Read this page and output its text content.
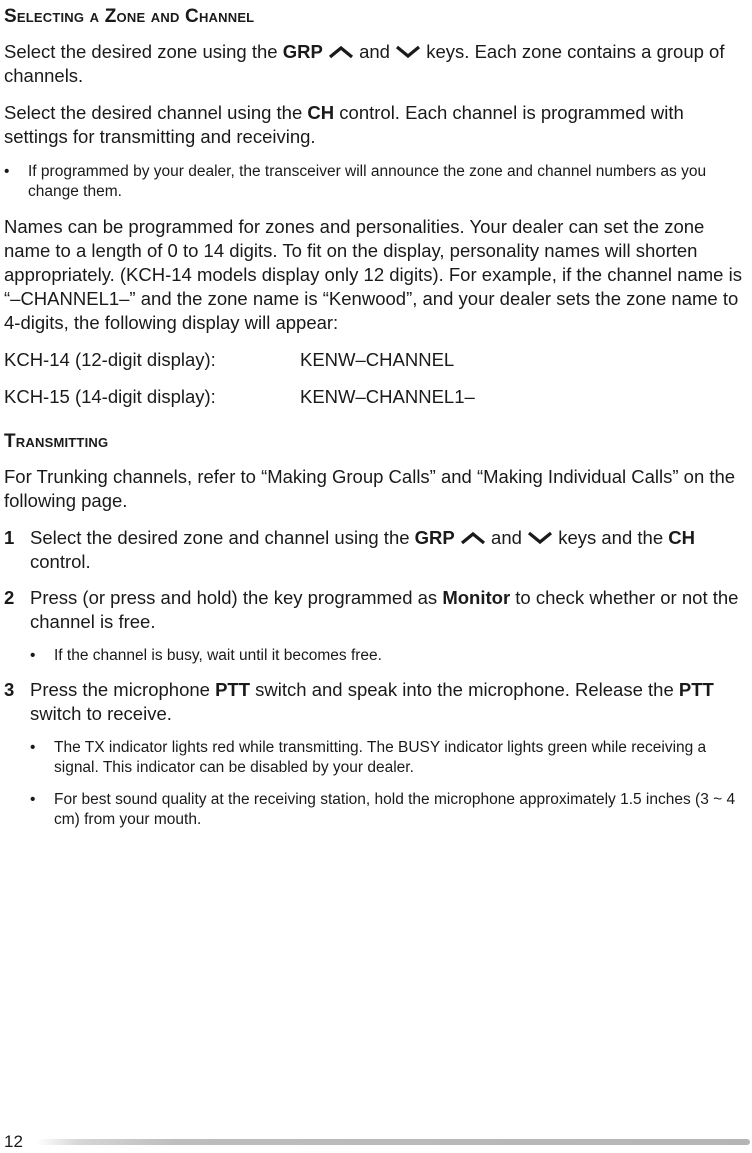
Selecting a Zone and Channel
Select the desired zone using the GRP  and  keys. Each zone contains a group of channels.
Select the desired channel using the CH control. Each channel is programmed with settings for transmitting and receiving.
• If programmed by your dealer, the transceiver will announce the zone and channel numbers as you change them.
Names can be programmed for zones and personalities. Your dealer can set the zone name to a length of 0 to 14 digits. To fit on the display, personality names will shorten appropriately. (KCH-14 models display only 12 digits). For example, if the channel name is “–CHANNEL1–” and the zone name is “Kenwood”, and your dealer sets the zone name to 4-digits, the following display will appear:
KCH-14 (12-digit display):	KENW–CHANNEL
KCH-15 (14-digit display):	KENW–CHANNEL1–
Transmitting
For Trunking channels, refer to “Making Group Calls” and “Making Individual Calls” on the following page.
1 Select the desired zone and channel using the GRP  and  keys and the CH control.
2 Press (or press and hold) the key programmed as Monitor to check whether or not the channel is free.
• If the channel is busy, wait until it becomes free.
3 Press the microphone PTT switch and speak into the microphone. Release the PTT switch to receive.
• The TX indicator lights red while transmitting. The BUSY indicator lights green while receiving a signal. This indicator can be disabled by your dealer.
• For best sound quality at the receiving station, hold the microphone approximately 1.5 inches (3 ~ 4 cm) from your mouth.
12
